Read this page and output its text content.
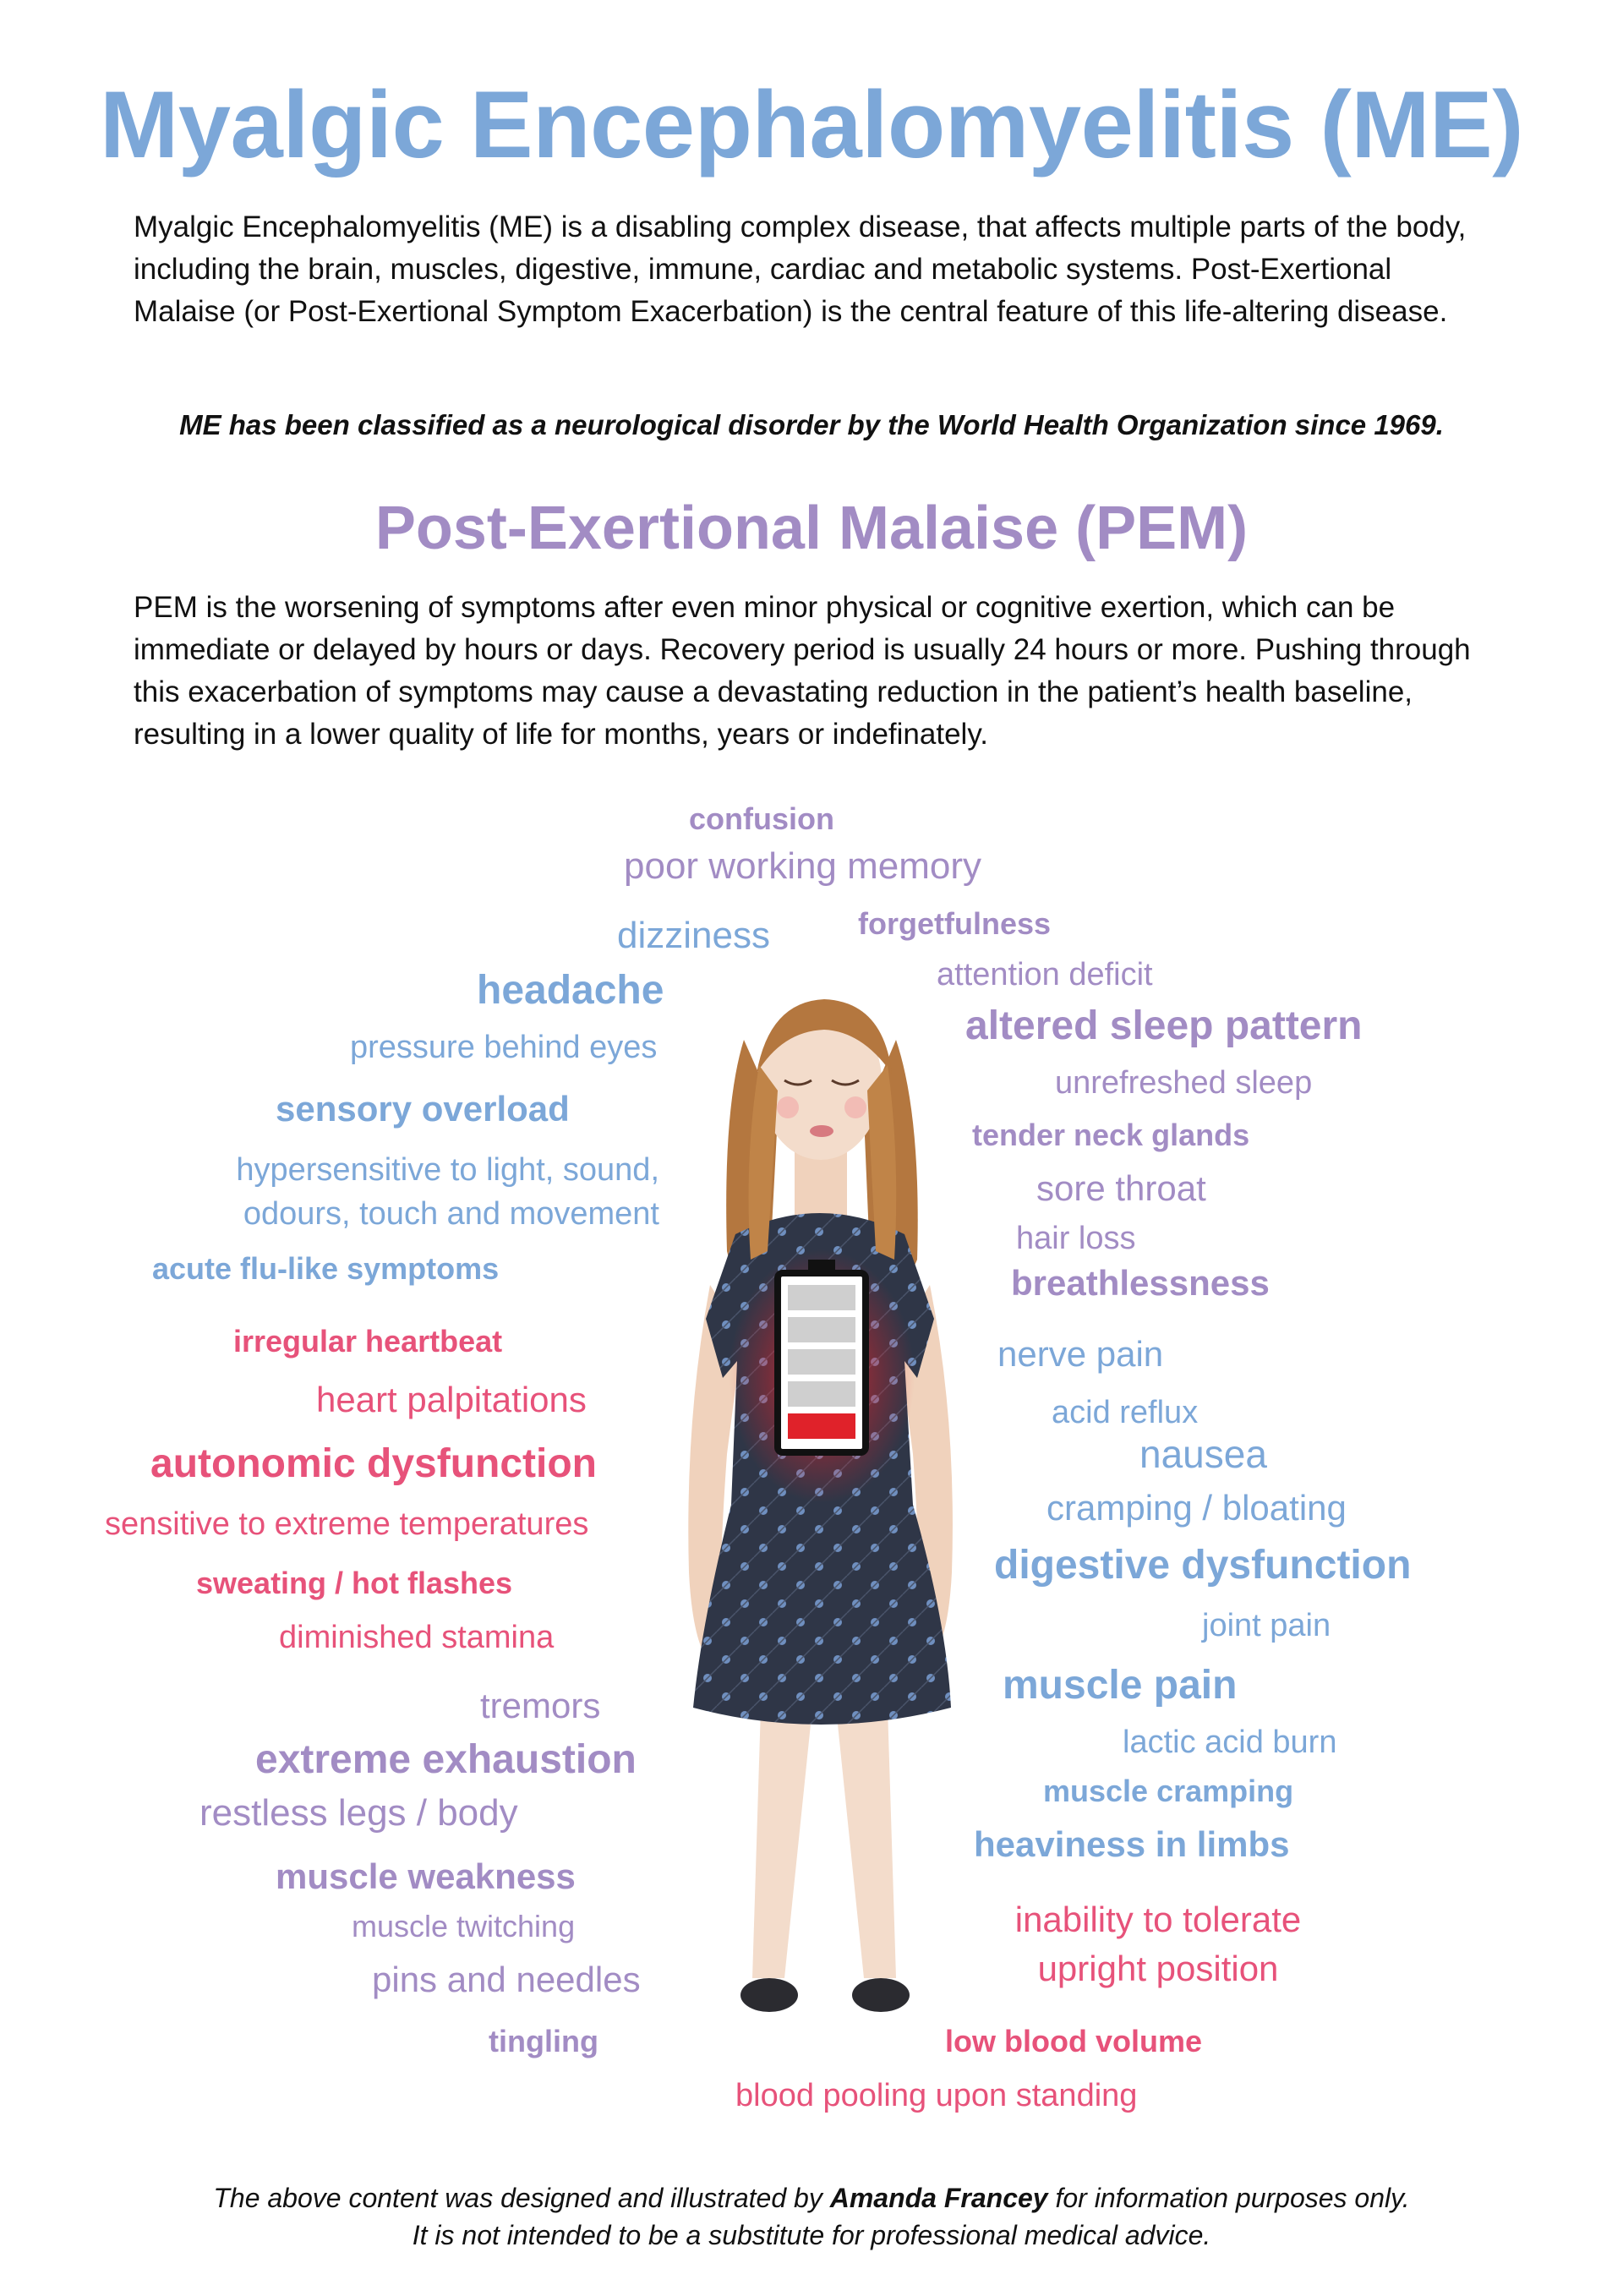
Myalgic Encephalomyelitis (ME)

Myalgic Encephalomyelitis (ME) is a disabling complex disease, that affects multiple parts of the body, including the brain, muscles, digestive, immune, cardiac and metabolic systems. Post-Exertional Malaise (or Post-Exertional Symptom Exacerbation) is the central feature of this life-altering disease.

ME has been classified as a neurological disorder by the World Health Organization since 1969.

Post-Exertional Malaise (PEM)

PEM is the worsening of symptoms after even minor physical or cognitive exertion, which can be immediate or delayed by hours or days. Recovery period is usually 24 hours or more. Pushing through this exacerbation of symptoms may cause a devastating reduction in the patient’s health baseline, resulting in a lower quality of life for months, years or indefinately.

confusion
poor working memory
dizziness	forgetfulness
attention deficit
headache
altered sleep pattern
pressure behind eyes
unrefreshed sleep
sensory overload
tender neck glands
hypersensitive to light, sound, odours, touch and movement
sore throat
hair loss
acute flu-like symptoms	breathlessness
irregular heartbeat	nerve pain
heart palpitations	acid reflux
autonomic dysfunction	nausea
sensitive to extreme temperatures	cramping / bloating
sweating / hot flashes	digestive dysfunction
diminished stamina	joint pain
tremors	muscle pain
extreme exhaustion	lactic acid burn
restless legs / body
muscle cramping
heaviness in limbs
muscle weakness
muscle twitching	inability to tolerate upright position
pins and needles
tingling	low blood volume
blood pooling upon standing
The above content was designed and illustrated by Amanda Francey for information purposes only.
It is not intended to be a substitute for professional medical advice.
